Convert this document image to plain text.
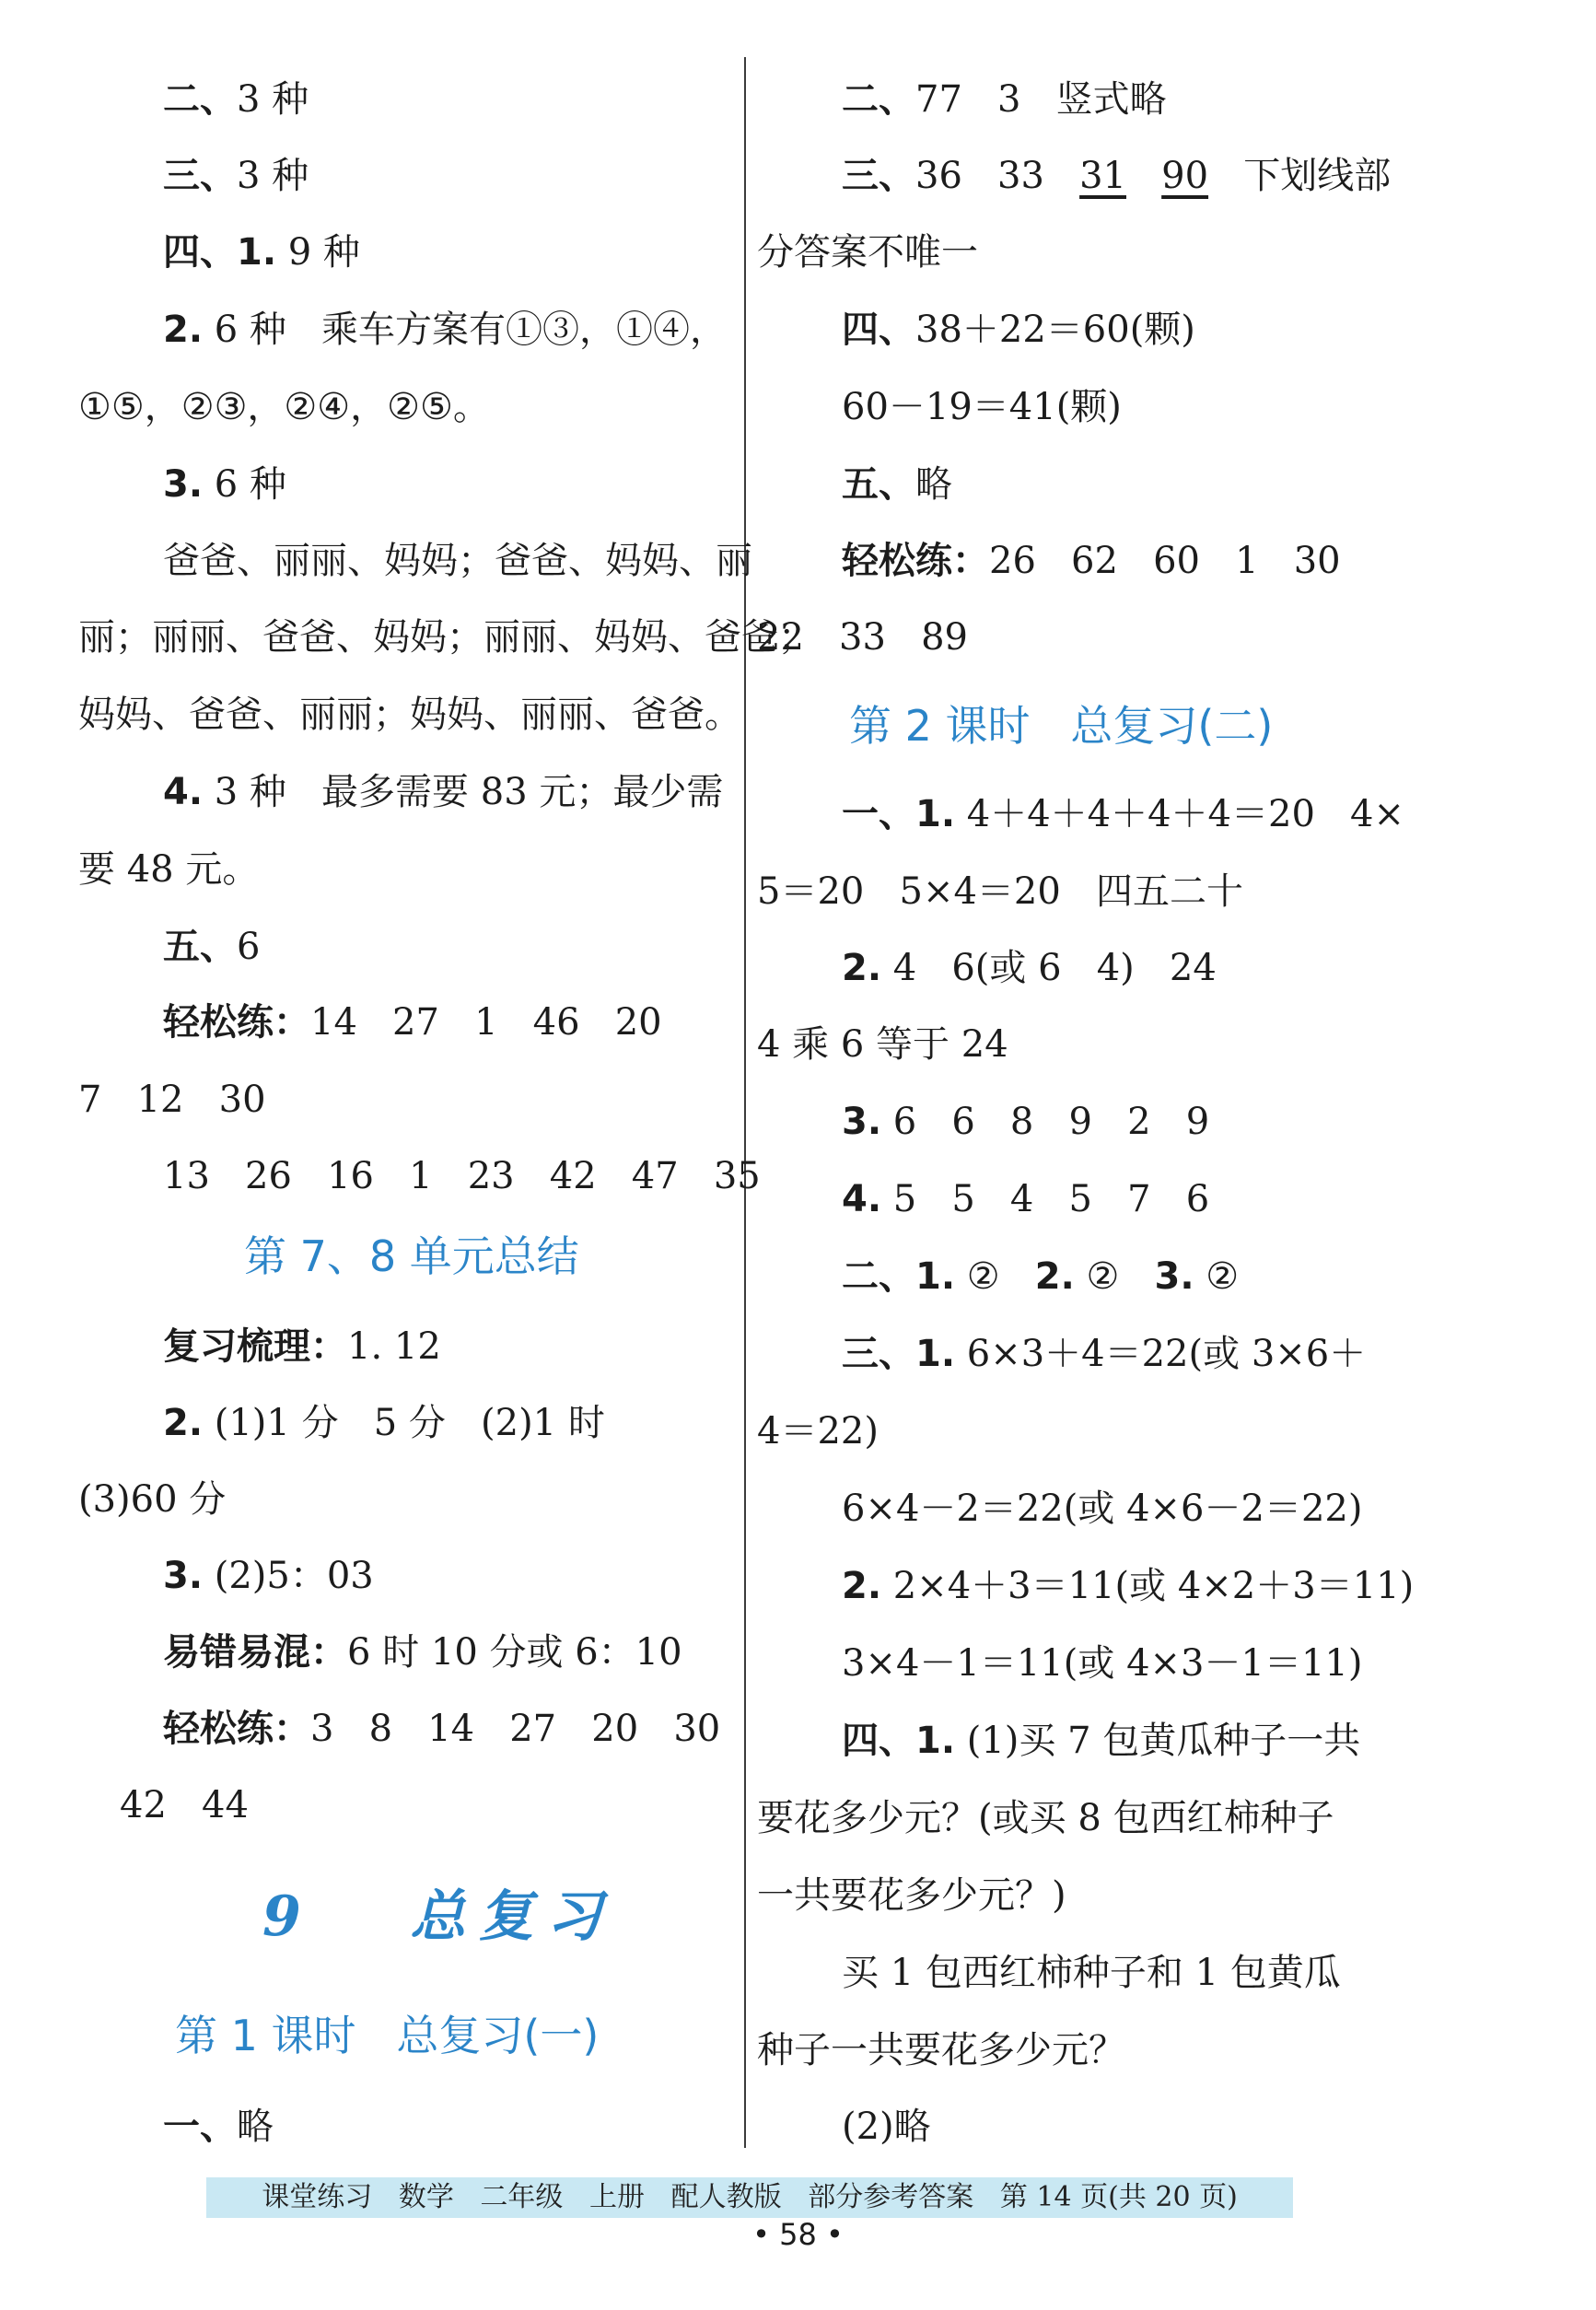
二、3 种
三、3 种
四、1. 9 种
2. 6 种   乘车方案有①③，①④，
①⑤，②③，②④，②⑤。
3. 6 种
爸爸、丽丽、妈妈；爸爸、妈妈、丽
丽；丽丽、爸爸、妈妈；丽丽、妈妈、爸爸；
妈妈、爸爸、丽丽；妈妈、丽丽、爸爸。
4. 3 种   最多需要 83 元；最少需
要 48 元。
五、6
轻松练：14   27   1   46   20
7   12   30
13   26   16   1   23   42   47   35
第 7、8 单元总结
复习梳理：1. 12
2. (1)1 分   5 分   (2)1 时
(3)60 分
3. (2)5：03
易错易混：6 时 10 分或 6：10
轻松练：3   8   14   27   20   30
42   44
9   总复习
第 1 课时   总复习(一)
一、略
二、77   3   竖式略
三、36   33   31 90   下划线部
分答案不唯一
四、38＋22＝60(颗)
60－19＝41(颗)
五、略
轻松练：26   62   60   1   30
22   33   89
第 2 课时   总复习(二)
一、1. 4＋4＋4＋4＋4＝20   4×
5＝20   5×4＝20   四五二十
2. 4   6(或 6   4)   24
4 乘 6 等于 24
3. 6   6   8   9   2   9
4. 5   5   4   5   7   6
二、1. ②   2. ②   3. ②
三、1. 6×3＋4＝22(或 3×6＋
4＝22)
6×4－2＝22(或 4×6－2＝22)
2. 2×4＋3＝11(或 4×2＋3＝11)
3×4－1＝11(或 4×3－1＝11)
四、1. (1)买 7 包黄瓜种子一共
要花多少元？(或买 8 包西红柿种子
一共要花多少元？)
买 1 包西红柿种子和 1 包黄瓜
种子一共要花多少元？
(2)略
课堂练习   数学   二年级   上册   配人教版   部分参考答案   第 14 页(共 20 页)
• 58 •
